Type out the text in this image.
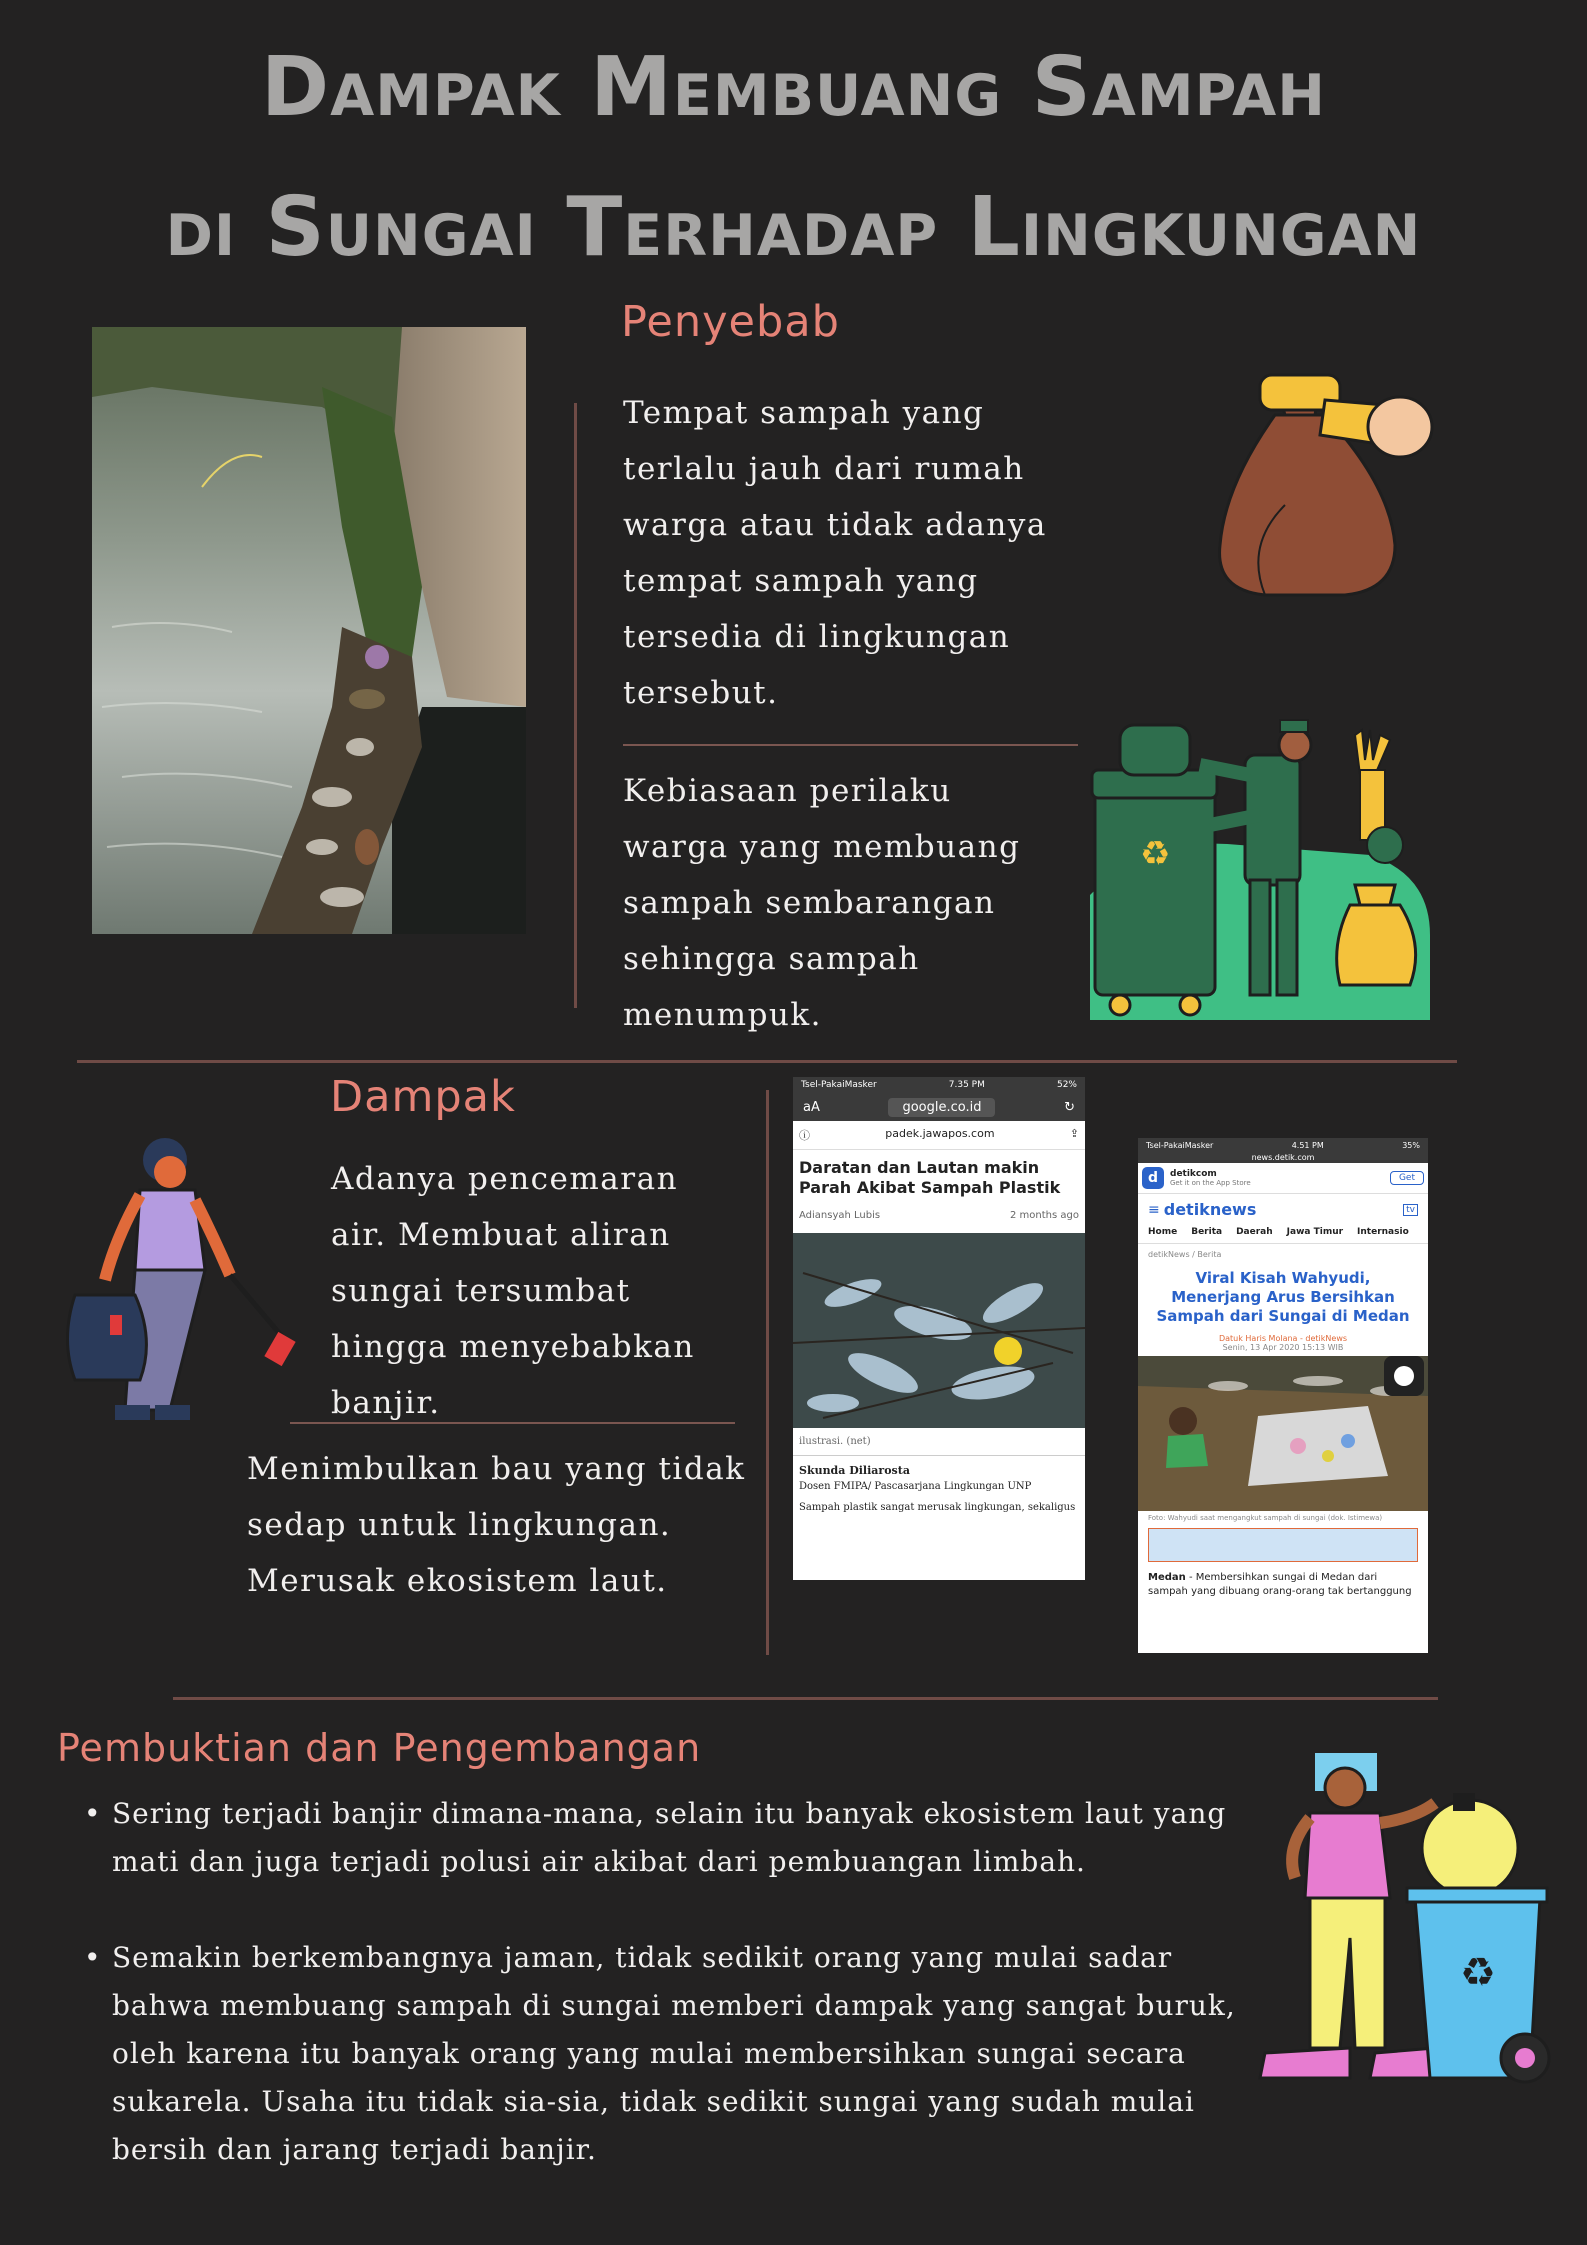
Dampak Membuang Sampah
di Sungai Terhadap Lingkungan
Penyebab
Tempat sampah yang terlalu jauh dari rumah warga atau tidak adanya tempat sampah yang tersedia di lingkungan tersebut.
Kebiasaan perilaku warga yang membuang sampah sembarangan sehingga sampah menumpuk.
♻
Dampak
Adanya pencemaran air. Membuat aliran sungai tersumbat hingga menyebabkan banjir.
Menimbulkan bau yang tidak sedap untuk lingkungan. Merusak ekosistem laut.
Tsel-PakaiMasker	7.35 PM	52%
aA	google.co.id	↻
ⓘ	padek.jawapos.com	⇪
Daratan dan Lautan makin Parah Akibat Sampah Plastik
Adiansyah Lubis	2 months ago
ilustrasi. (net)
Skunda Diliarosta
Dosen FMIPA/ Pascasarjana Lingkungan UNP
Sampah plastik sangat merusak lingkungan, sekaligus
Tsel-PakaiMasker	4.51 PM	35%
news.detik.com
d	detikcom
Get it on the App Store	Get
≡ detiknews	tv
Home Berita Daerah Jawa Timur Internasio
detikNews / Berita
Viral Kisah Wahyudi, Menerjang Arus Bersihkan Sampah dari Sungai di Medan
Datuk Haris Molana - detikNews
Senin, 13 Apr 2020 15:13 WIB
Foto: Wahyudi saat mengangkut sampah di sungai (dok. Istimewa)
Medan - Membersihkan sungai di Medan dari sampah yang dibuang orang-orang tak bertanggung
Pembuktian dan Pengembangan
• Sering terjadi banjir dimana-mana, selain itu banyak ekosistem laut yang mati dan juga terjadi polusi air akibat dari pembuangan limbah.
• Semakin berkembangnya jaman, tidak sedikit orang yang mulai sadar bahwa membuang sampah di sungai memberi dampak yang sangat buruk, oleh karena itu banyak orang yang mulai membersihkan sungai secara sukarela. Usaha itu tidak sia-sia, tidak sedikit sungai yang sudah mulai bersih dan jarang terjadi banjir.
♻
